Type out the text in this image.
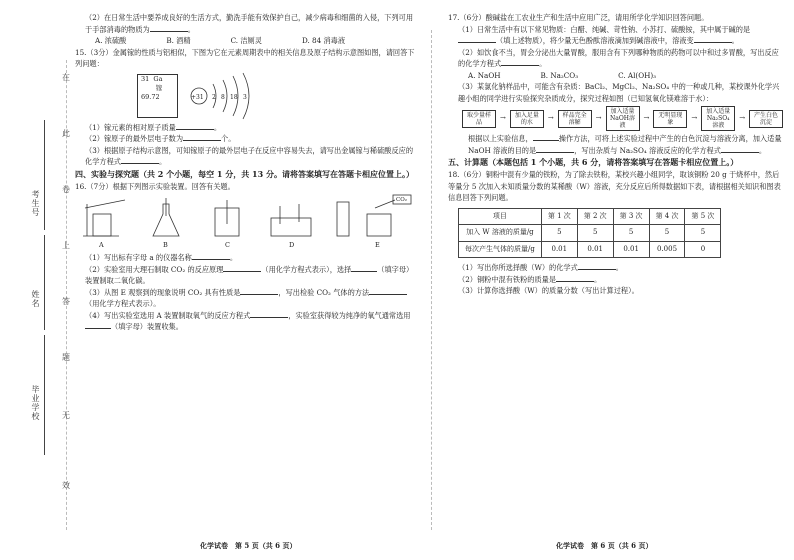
考生号
姓名
毕业学校
在
此
卷
上
答
题
无
效

（2）在日常生活中要养成良好的生活方式，勤洗手能有效保护自己，减少病毒和细菌的入侵，下列可用于手部消毒的物质为	。

A. 浓硫酸	B. 酒精	C. 洁厕灵	D. 84 消毒液

15.（3分）金属镓的性质与铝相似，下图为它在元素周期表中的相关信息及原子结构示意图如图，请回答下列问题：

31 Ga
镓
69.72	+31 2 8 18 3

（1）镓元素的相对原子质量	。

（2）镓原子的最外层电子数为	个。

（3）根据原子结构示意图，可知镓原子的最外层电子在反应中容易失去，请写出金属镓与稀硫酸反应的化学方程式	。

四、实验与探究题（共 2 个小题，每空 1 分，共 13 分。请将答案填写在答题卡相应位置上。）

16.（7分）根据下列图示实验装置。回答有关题。

CO₂
A	B	C	D	E

（1）写出标有字母 a 的仪器名称	。

（2）实验室用大理石制取 CO₂ 的反应原理	（用化学方程式表示），选择	（填字母）装置制取二氧化碳。

（3）从图 E 观察到的现象说明 CO₂ 具有性质是	，写出检验 CO₂ 气体的方法（用化学方程式表示）。

（4）写出实验室选用 A 装置制取氧气的反应方程式	，实验室获得较为纯净的氧气通常选用（填字母）装置收集。

化学试卷　第 5 页（共 6 页）

17.（6分）酸碱盐在工农业生产和生活中应用广泛，请用所学化学知识回答问题。

（1）日常生活中有以下常见物质：白醋、纯碱、苛性钠、小苏打、硫酸铵，其中属于碱的是（填上述物质），将少量无色酚酞溶液滴加到碱溶液中，溶液变	。

（2）如饮食不当，胃会分泌出大量胃酸，服用含有下列哪种物质的药物可以中和过多胃酸，写出反应的化学方程式	。

A. NaOH	B. Na₂CO₃	C. Al(OH)₃

（3）某氯化钠样品中，可能含有杂质：BaCl₂、MgCl₂、Na₂SO₄ 中的一种或几种，某校课外化学兴趣小组的同学进行实验探究杂质成分，探究过程如图（已知氢氧化镁难溶于水）：

取少量样品
→	加入足量的水
→	样品完全溶解
→
加入适量NaOH溶液
→	无明显现象
→
加入适量Na₂SO₄溶液
→	产生白色沉淀

根据以上实验信息，	操作方法，可将上述实验过程中产生的白色沉淀与溶液分离，加入适量 NaOH 溶液的目的是	，写出杂质与 Na₂SO₄ 溶液反应的化学方程式	。

五、计算题（本题包括 1 个小题，共 6 分，请将答案填写在答题卡相应位置上。）

18.（6分）铜粉中混有少量的铁粉，为了除去铁粉，某校兴趣小组同学，取该铜粉 20 g 于烧杯中，然后等量分 5 次加入未知质量分数的某稀酸（W）溶液，充分反应后所得数据如下表，请根据相关知识和图表信息回答下列问题。

项目	第 1 次	第 2 次	第 3 次	第 4 次	第 5 次
加入 W 溶液的质量/g	5	5	5	5	5
每次产生气体的质量/g	0.01	0.01	0.01	0.005	0

（1）写出你所选择酸（W）的化学式	。

（2）铜粉中混有铁粉的质量是	。

（3）计算你选择酸（W）的质量分数（写出计算过程）。

化学试卷　第 6 页（共 6 页）
